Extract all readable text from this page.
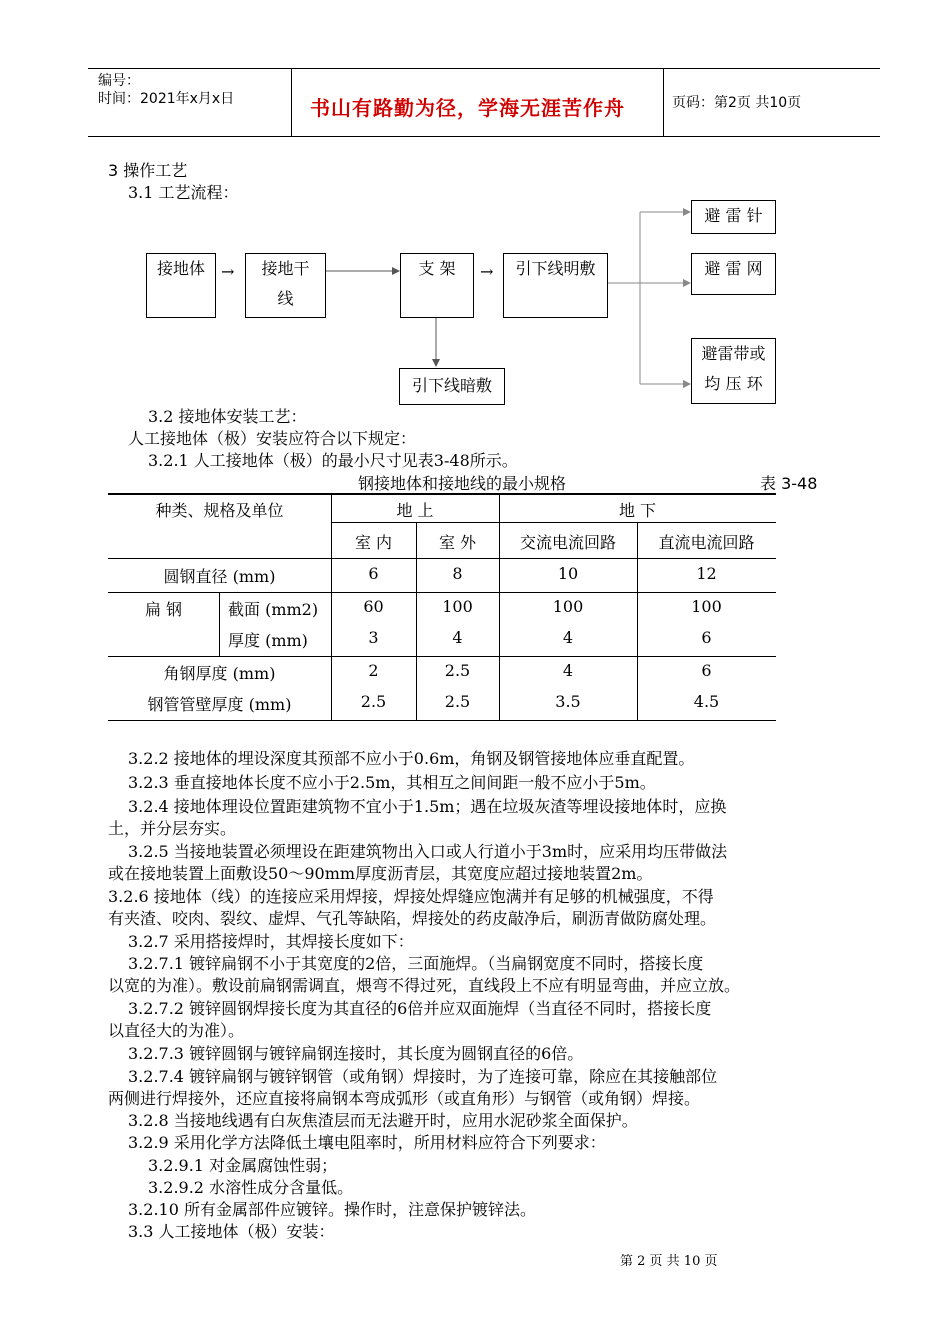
编号：
时间：2021年x月x日	书山有路勤为径，学海无涯苦作舟	页码：第2页 共10页
3 操作工艺
3.1 工艺流程：
接地体	→	接地干
线
支 架	→	引下线明敷
引下线暗敷
避 雷 针
避 雷 网
避雷带或
均 压 环
3.2 接地体安装工艺：
人工接地体（极）安装应符合以下规定：
3.2.1 人工接地体（极）的最小尺寸见表3-48所示。
钢接地体和接地线的最小规格	表 3-48
种类、规格及单位	地 上	地 下
室 内	室 外	交流电流回路	直流电流回路
圆钢直径 (mm)	6	8	10	12
扁 钢	截面 (mm2)	60	100	100	100
厚度 (mm)	3	4	4	6
角钢厚度 (mm)	2	2.5	4	6
钢管管壁厚度 (mm)	2.5	2.5	3.5	4.5
3.2.2 接地体的埋设深度其预部不应小于0.6m，角钢及钢管接地体应垂直配置。
3.2.3 垂直接地体长度不应小于2.5m，其相互之间间距一般不应小于5m。
3.2.4 接地体理设位置距建筑物不宜小于1.5m；遇在垃圾灰渣等埋设接地体时，应换
土，并分层夯实。
3.2.5 当接地装置必须埋设在距建筑物出入口或人行道小于3m时，应采用均压带做法
或在接地装置上面敷设50～90mm厚度沥青层，其宽度应超过接地装置2m。
3.2.6 接地体（线）的连接应采用焊接，焊接处焊缝应饱满并有足够的机械强度，不得
有夹渣、咬肉、裂纹、虚焊、气孔等缺陷，焊接处的药皮敲净后，刷沥青做防腐处理。
3.2.7 采用搭接焊时，其焊接长度如下：
3.2.7.1 镀锌扁钢不小于其宽度的2倍，三面施焊。（当扁钢宽度不同时，搭接长度
以宽的为准）。敷设前扁钢需调直，煨弯不得过死，直线段上不应有明显弯曲，并应立放。
3.2.7.2 镀锌圆钢焊接长度为其直径的6倍并应双面施焊（当直径不同时，搭接长度
以直径大的为准）。
3.2.7.3 镀锌圆钢与镀锌扁钢连接时，其长度为圆钢直径的6倍。
3.2.7.4 镀锌扁钢与镀锌钢管（或角钢）焊接时，为了连接可靠，除应在其接触部位
两侧进行焊接外，还应直接将扁钢本弯成弧形（或直角形）与钢管（或角钢）焊接。
3.2.8 当接地线遇有白灰焦渣层而无法避开时，应用水泥砂浆全面保护。
3.2.9 采用化学方法降低土壤电阻率时，所用材料应符合下列要求：
3.2.9.1 对金属腐蚀性弱；
3.2.9.2 水溶性成分含量低。
3.2.10 所有金属部件应镀锌。操作时，注意保护镀锌法。
3.3 人工接地体（极）安装：
第 2 页 共 10 页
